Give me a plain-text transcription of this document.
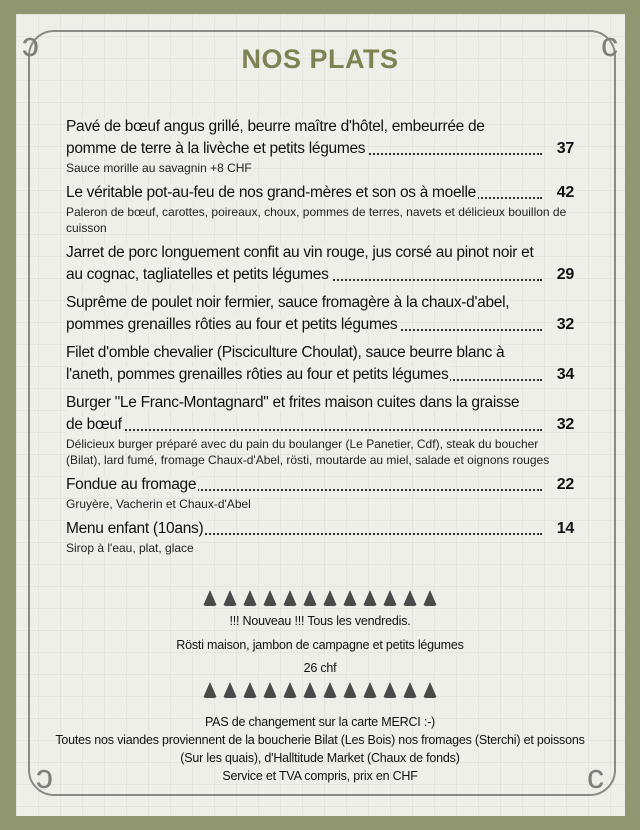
ↄ	c
ↄ	c
NOS PLATS
Pavé de bœuf angus grillé, beurre maître d'hôtel, embeurrée de pomme de terre à la livèche et petits légumes	37
Sauce morille au savagnin +8 CHF
Le véritable pot-au-feu de nos grand-mères et son os à moelle	42
Paleron de bœuf, carottes, poireaux, choux, pommes de terres, navets et délicieux bouillon de cuisson
Jarret de porc longuement confit au vin rouge, jus corsé au pinot noir et au cognac, tagliatelles et petits légumes	29
Suprême de poulet noir fermier, sauce fromagère à la chaux-d'abel, pommes grenailles rôties au four et petits légumes	32
Filet d'omble chevalier (Pisciculture Choulat), sauce beurre blanc à l'aneth, pommes grenailles rôties au four et petits légumes	34
Burger "Le Franc-Montagnard" et frites maison cuites dans la graisse de bœuf	32
Délicieux burger préparé avec du pain du boulanger (Le Panetier, Cdf), steak du boucher (Bilat), lard fumé, fromage Chaux-d'Abel, rösti, moutarde au miel, salade et oignons rouges
Fondue au fromage	22
Gruyère, Vacherin et Chaux-d'Abel
Menu enfant (10ans)	14
Sirop à l'eau, plat, glace
!!! Nouveau !!! Tous les vendredis.
Rösti maison, jambon de campagne et petits légumes
26 chf
PAS de changement sur la carte MERCI :-)
Toutes nos viandes proviennent de la boucherie Bilat (Les Bois) nos fromages (Sterchi) et poissons
(Sur les quais), d'Halltitude Market (Chaux de fonds)
Service et TVA compris, prix en CHF
